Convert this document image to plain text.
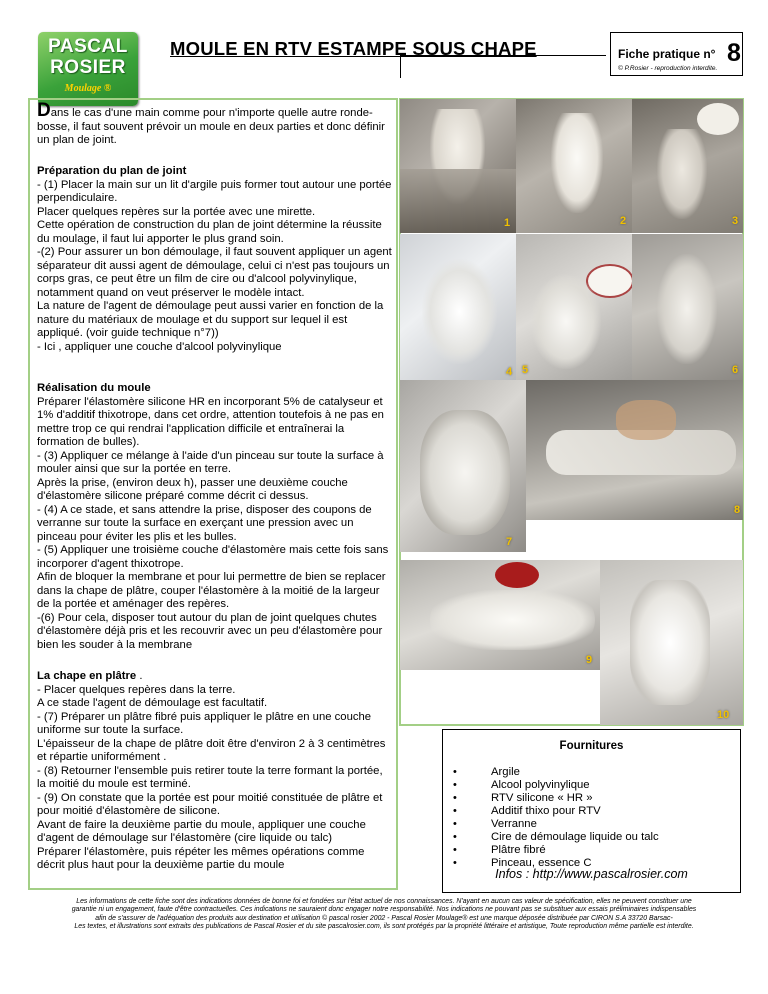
PASCAL
ROSIER
Moulage ®
MOULE EN RTV ESTAMPE SOUS CHAPE	Fiche pratique n° 8
© P.Rosier - reproduction interdite.

Dans le cas d'une main comme pour n'importe quelle autre ronde-bosse, il faut souvent prévoir un moule en deux parties et donc définir un plan de joint.

Préparation du plan de joint

- (1) Placer la main sur un lit d'argile puis former tout autour une portée perpendiculaire.

Placer quelques repères sur la portée avec une mirette.

Cette opération de construction du plan de joint détermine la réussite du moulage, il faut lui apporter le plus grand soin.

-(2) Pour assurer un bon démoulage, il faut souvent appliquer un agent séparateur dit aussi agent de démoulage, celui ci n'est pas toujours un corps gras, ce peut être un film de cire ou d'alcool polyvinylique, notamment quand on veut préserver le modèle intact.

La nature de l'agent de démoulage peut aussi varier en fonction de la nature du matériaux de moulage et du support sur lequel il est appliqué. (voir guide technique n°7))

- Ici , appliquer une couche d'alcool polyvinylique

Réalisation du moule

Préparer l'élastomère silicone HR en incorporant 5% de catalyseur et 1% d'additif thixotrope, dans cet ordre, attention toutefois à ne pas en mettre trop ce qui rendrai l'application difficile et entraînerai la formation de bulles).

- (3) Appliquer ce mélange à l'aide d'un pinceau sur toute la surface à mouler ainsi que sur la portée en terre.

Après la prise, (environ deux h), passer une deuxième couche d'élastomère silicone préparé comme décrit ci dessus.

- (4) A ce stade, et sans attendre la prise, disposer des coupons de verranne sur toute la surface en exerçant une pression avec un pinceau pour éviter les plis et les bulles.

- (5) Appliquer une troisième couche d'élastomère mais cette fois sans incorporer d'agent thixotrope.

Afin de bloquer la membrane et pour lui permettre de bien se replacer dans la chape de plâtre, couper l'élastomère à la moitié de la largeur de la portée et aménager des repères.

-(6) Pour cela, disposer tout autour du plan de joint quelques chutes d'élastomère déjà pris et les recouvrir avec un peu d'élastomère pour bien les souder à la membrane

La chape en plâtre .

- Placer quelques repères dans la terre.

A ce stade l'agent de démoulage est facultatif.

- (7) Préparer un plâtre fibré puis appliquer le plâtre en une couche uniforme sur toute la surface.

L'épaisseur de la chape de plâtre doit être d'environ 2 à 3 centimètres et répartie uniformément .

- (8) Retourner l'ensemble puis retirer toute la terre formant la portée, la moitié du moule est terminé.

- (9) On constate que la portée est pour moitié constituée de plâtre et pour moitié d'élastomère de silicone.

Avant de faire la deuxième partie du moule, appliquer une couche d'agent de démoulage sur l'élastomère (cire liquide ou talc)

Préparer l'élastomère, puis répéter les mêmes opérations comme décrit plus haut pour la deuxième partie du moule

1	2	3
4 5	6
7
8
9
10
Fournitures
• Argile
• Alcool polyvinylique
• RTV silicone « HR »
• Additif thixo pour RTV
• Verranne
• Cire de démoulage liquide ou talc
• Plâtre fibré
• Pinceau, essence C
Infos : http://www.pascalrosier.com
Les informations de cette fiche sont des indications données de bonne foi et fondées sur l'état actuel de nos connaissances. N'ayant en aucun cas valeur de spécification, elles ne peuvent constituer une
garantie ni un engagement, faute d'être contractuelles. Ces indications ne sauraient donc engager notre responsabilité. Nos indications ne pouvant pas se substituer aux essais préliminaires indispensables
afin de s'assurer de l'adéquation des produits aux destination et utilisation © pascal rosier 2002 - Pascal Rosier Moulage® est une marque déposée distribuée par CIRON S.A 33720 Barsac-
Les textes, et illustrations sont extraits des publications de Pascal Rosier et du site pascalrosier.com, ils sont protégés par la propriété littéraire et artistique, Toute reproduction même partielle est interdite.
